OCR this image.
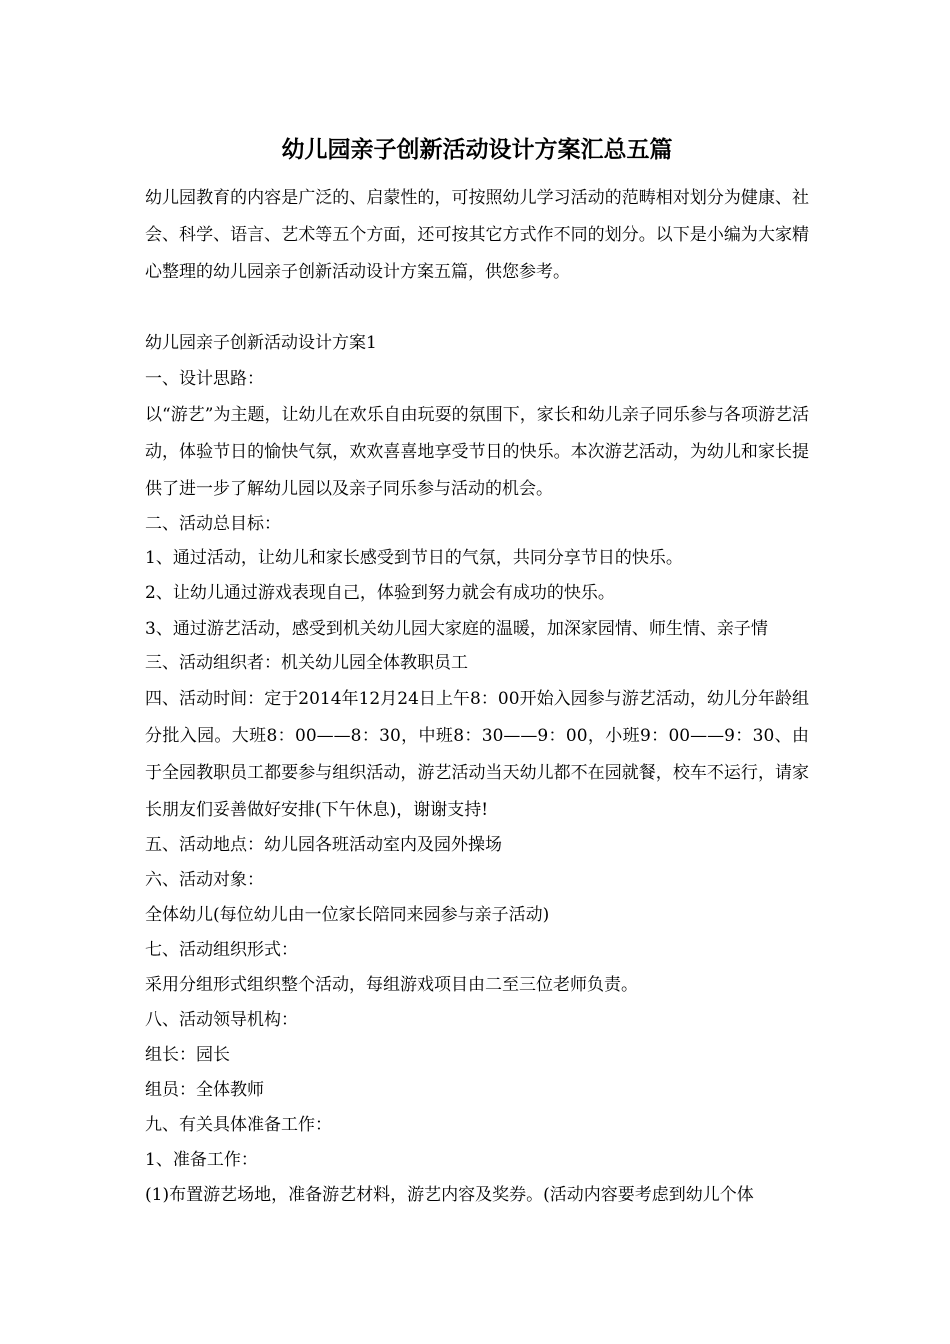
幼儿园亲子创新活动设计方案汇总五篇

幼儿园教育的内容是广泛的、启蒙性的，可按照幼儿学习活动的范畴相对划分为健康、社会、科学、语言、艺术等五个方面，还可按其它方式作不同的划分。以下是小编为大家精心整理的幼儿园亲子创新活动设计方案五篇，供您参考。

幼儿园亲子创新活动设计方案1

一、设计思路：

以“游艺”为主题，让幼儿在欢乐自由玩耍的氛围下，家长和幼儿亲子同乐参与各项游艺活动，体验节日的愉快气氛，欢欢喜喜地享受节日的快乐。本次游艺活动，为幼儿和家长提供了进一步了解幼儿园以及亲子同乐参与活动的机会。

二、活动总目标：

1、通过活动，让幼儿和家长感受到节日的气氛，共同分享节日的快乐。

2、让幼儿通过游戏表现自己，体验到努力就会有成功的快乐。

3、通过游艺活动，感受到机关幼儿园大家庭的温暖，加深家园情、师生情、亲子情

三、活动组织者：机关幼儿园全体教职员工

四、活动时间：定于2014年12月24日上午8：00开始入园参与游艺活动，幼儿分年龄组分批入园。大班8：00——8：30，中班8：30——9：00，小班9：00——9：30、由于全园教职员工都要参与组织活动，游艺活动当天幼儿都不在园就餐，校车不运行，请家长朋友们妥善做好安排(下午休息)，谢谢支持!

五、活动地点：幼儿园各班活动室内及园外操场

六、活动对象：

全体幼儿(每位幼儿由一位家长陪同来园参与亲子活动)

七、活动组织形式：

采用分组形式组织整个活动，每组游戏项目由二至三位老师负责。

八、活动领导机构：

组长：园长

组员：全体教师

九、有关具体准备工作：

1、准备工作：

(1)布置游艺场地，准备游艺材料，游艺内容及奖券。(活动内容要考虑到幼儿个体
